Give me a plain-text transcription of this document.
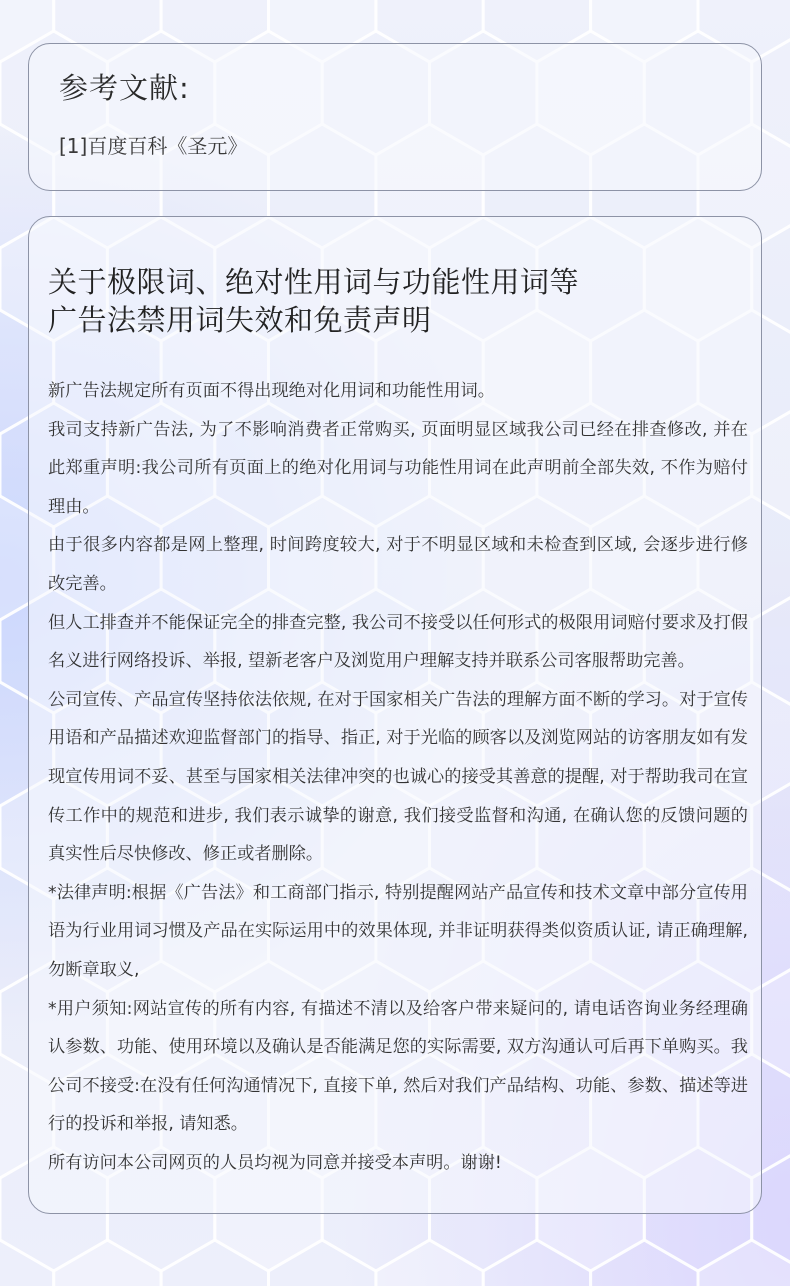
参考文献:
[1]百度百科《圣元》
关于极限词、绝对性用词与功能性用词等
广告法禁用词失效和免责声明

新广告法规定所有页面不得出现绝对化用词和功能性用词。

我司支持新广告法, 为了不影响消费者正常购买, 页面明显区域我公司已经在排查修改, 并在此郑重声明:我公司所有页面上的绝对化用词与功能性用词在此声明前全部失效, 不作为赔付理由。

由于很多内容都是网上整理, 时间跨度较大, 对于不明显区域和未检查到区域, 会逐步进行修改完善。

但人工排查并不能保证完全的排查完整, 我公司不接受以任何形式的极限用词赔付要求及打假名义进行网络投诉、举报, 望新老客户及浏览用户理解支持并联系公司客服帮助完善。

公司宣传、产品宣传坚持依法依规, 在对于国家相关广告法的理解方面不断的学习。对于宣传用语和产品描述欢迎监督部门的指导、指正, 对于光临的顾客以及浏览网站的访客朋友如有发现宣传用词不妥、甚至与国家相关法律冲突的也诚心的接受其善意的提醒, 对于帮助我司在宣传工作中的规范和进步, 我们表示诚挚的谢意, 我们接受监督和沟通, 在确认您的反馈问题的真实性后尽快修改、修正或者删除。

*法律声明:根据《广告法》和工商部门指示, 特别提醒网站产品宣传和技术文章中部分宣传用语为行业用词习惯及产品在实际运用中的效果体现, 并非证明获得类似资质认证, 请正确理解, 勿断章取义,

*用户须知:网站宣传的所有内容, 有描述不清以及给客户带来疑问的, 请电话咨询业务经理确认参数、功能、使用环境以及确认是否能满足您的实际需要, 双方沟通认可后再下单购买。我公司不接受:在没有任何沟通情况下, 直接下单, 然后对我们产品结构、功能、参数、描述等进行的投诉和举报, 请知悉。

所有访问本公司网页的人员均视为同意并接受本声明。谢谢!
